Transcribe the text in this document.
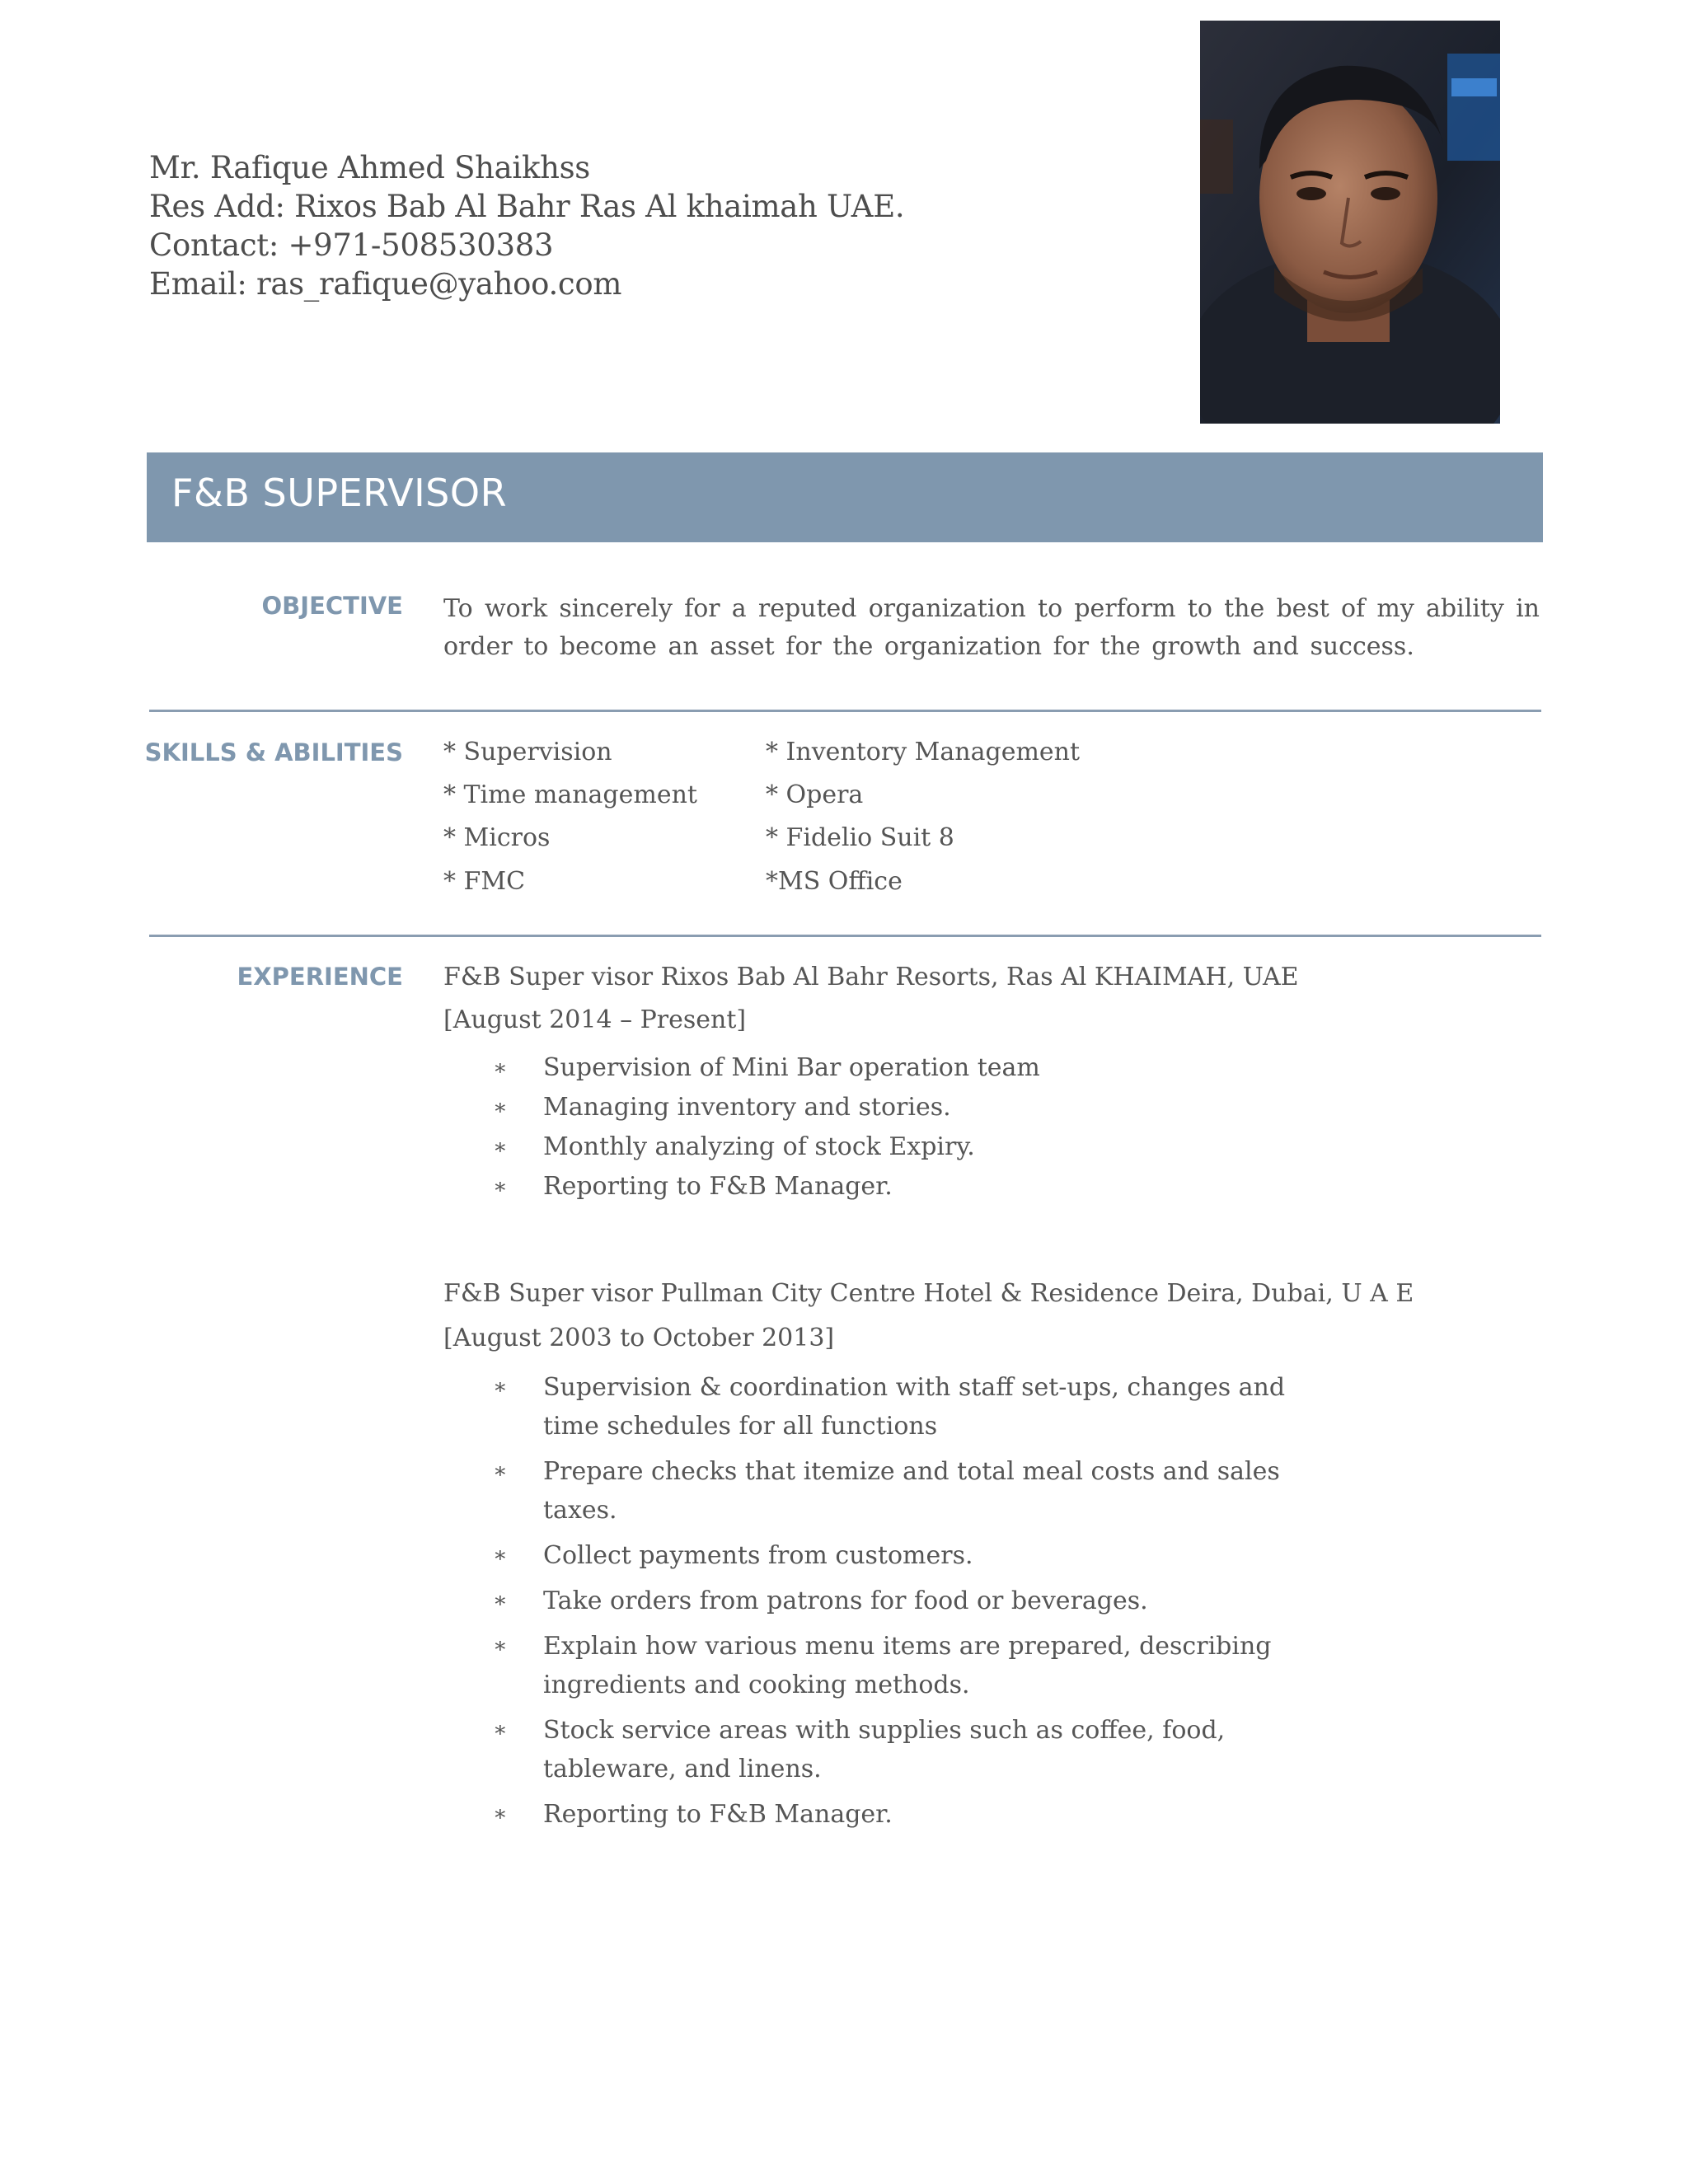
Mr. Rafique Ahmed Shaikhss
Res Add: Rixos Bab Al Bahr Ras Al khaimah UAE.
Contact: +971-508530383
Email: ras_rafique@yahoo.com
F&B SUPERVISOR
OBJECTIVE To work sincerely for a reputed organization to perform to the best of my ability in order to become an asset for the organization for the growth and success.
SKILLS & ABILITIES * Supervision
* Time management
* Micros
* FMC
* Inventory Management
* Opera
* Fidelio Suit 8
*MS Office
EXPERIENCE F&B Super visor Rixos Bab Al Bahr Resorts, Ras Al KHAIMAH, UAE
[August 2014 – Present]
∗ Supervision of Mini Bar operation team
∗ Managing inventory and stories.
∗ Monthly analyzing of stock Expiry.
∗ Reporting to F&B Manager.
F&B Super visor Pullman City Centre Hotel & Residence Deira, Dubai, U A E
[August 2003 to October 2013]
∗ Supervision & coordination with staff set-ups, changes and time schedules for all functions
∗ Prepare checks that itemize and total meal costs and sales taxes.
∗ Collect payments from customers.
∗ Take orders from patrons for food or beverages.
∗ Explain how various menu items are prepared, describing ingredients and cooking methods.
∗ Stock service areas with supplies such as coffee, food, tableware, and linens.
∗ Reporting to F&B Manager.
